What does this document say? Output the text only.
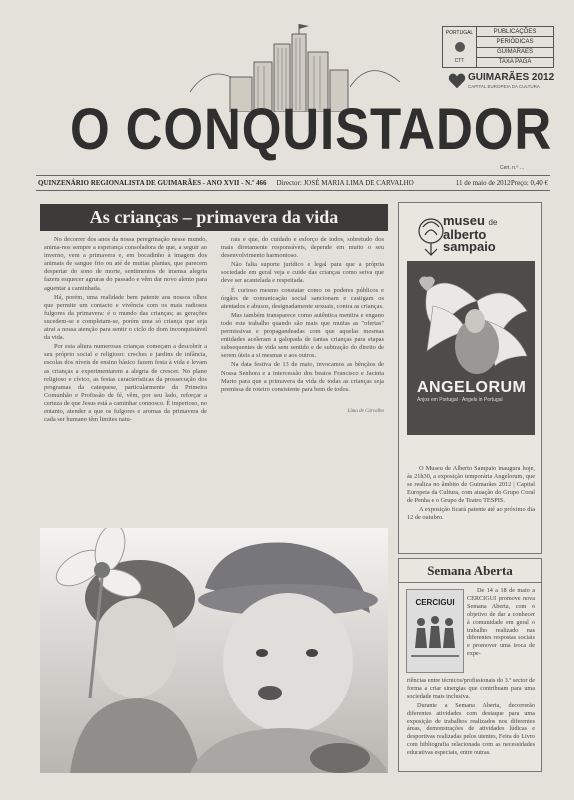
PORTUGAL
CTT
PUBLICAÇÕES
PERIÓDICAS
GUIMARÃES
TAXA PAGA
GUIMARÃES 2012
CAPITAL EUROPEIA DA CULTURA
O CONQUISTADOR
Cert. n.º …
QUINZENÁRIO REGIONALISTA DE GUIMARÃES - ANO XVII - N.º 466 Director: JOSÉ MARIA LIMA DE CARVALHO	11 de maio de 2012 Preço: 0,40 €
As crianças – primavera da vida

No decorrer dos anos da nossa peregrinação nesse mundo, anima-nos sempre a esperança consoladora de que, a seguir ao inverno, vem a primavera e, em bocadinho à imagem dos animais de sangue frio ou até de muitas plantas, que parecem despertar do sono de morte, sentimentos de imensa alegria fazem esquecer agruras do passado e vêm dar novo alento para aguentar a caminhada.

Há, porém, uma realidade bem patente aos nossos olhos que permite um contacto e vivência com os mais radiosos fulgores da primavera: é o mundo das crianças; as gerações sucedem-se e completam-se, porém uma só criança que seja atrai a nossa atenção para sentir o ciclo do dom inconquistável da vida.

Por esta altura numerosas crianças começam a descobrir a seu próprio social e religioso: creches e jardins de infância, escolas dos níveis de ensino básico fazem festa à vida e levam as crianças a experimentarem a alegria de crescer. No plano religioso e cívico, as festas características da prossecução dos programas da catequese, particularmente da Primeira Comunhão e Profissão de fé, vêm, por seu lado, reforçar a certeza de que Jesus está a caminhar connosco. É imperioso, no entanto, atender a que os fulgores e aromas da primavera de cada ser humano têm limites natu-

rais e que, do cuidado e esforço de todos, sobretudo dos mais diretamente responsáveis, depende em muito o seu desenvolvimento harmonioso.

Não falta suporte jurídico e legal para que a própria sociedade em geral veja e cuide das crianças como seiva que deve ser acautelada e respeitada.

É curioso mesmo constatar como os poderes públicos e órgãos de comunicação social sancionam e castigam os atentados e abusos, designadamente sexuais, contra as crianças.

Mas também transparece como autêntica mentira e engano todo este trabalho quando são mais que muitas as "ofertas" permissivas e propagandeadas com que aquelas mesmas entidades aceleram a galopada de tantas crianças para etapas subsequentes de vida sem sentido e de subtração do direito de serem úteis a si mesmas e aos outros.

Na data festiva de 13 de maio, invocamos as bênçãos de Nossa Senhora e a intercessão dos beatos Francisco e Jacinta Marto para que a primavera da vida de todas as crianças seja premissa de roteiro consistente para bem de todos.

Lima de Carvalho
museu de
alberto
sampaio
ANGELORUM
Anjos em Portugal · Angels in Portugal

O Museu de Alberto Sampaio inaugura hoje, às 21h30, a exposição temporária Angelorum, que se realiza no âmbito de Guimarães 2012 | Capital Europeia da Cultura, com atuação do Grupo Coral de Penha e o Grupo de Teatro TESPIS.

A exposição ficará patente até ao próximo dia 12 de outubro.

Semana Aberta
CERCIGUI

De 14 a 18 de maio a CERCIGUI promove nova Semana Aberta, com o objetivo de dar a conhecer à comunidade em geral o trabalho realizado nas diferentes respostas sociais e promover uma troca de expe-

riências entre técnicos/profissionais do 3.º sector de forma a criar sinergias que contribuam para uma sociedade mais inclusiva.

Durante a Semana Aberta, decorrerão diferentes atividades com destaque para uma exposição de trabalhos realizados nos diferentes áreas, demonstrações de atividades lúdicas e desportivas realizadas pelos utentes, Feira do Livro com bibliografia relacionada com as necessidades educativas especiais, entre outras.
